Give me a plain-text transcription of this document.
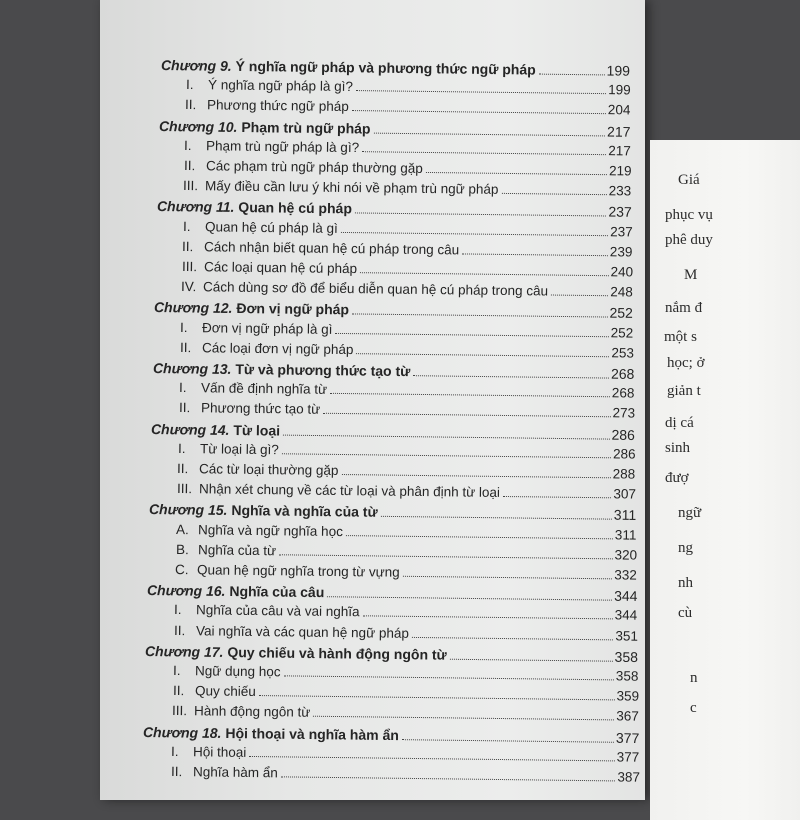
Giá
phục vụ
phê duy
M
nắm đ
một s
học; ở
giản t
dị cá
sinh
đượ
ngữ
ng
nh
cù
n
c
Chương 9. Ý nghĩa ngữ pháp và phương thức ngữ pháp	199
I. Ý nghĩa ngữ pháp là gì?	199
II. Phương thức ngữ pháp	204
Chương 10. Phạm trù ngữ pháp	217
I. Phạm trù ngữ pháp là gì?	217
II. Các phạm trù ngữ pháp thường gặp	219
III. Mấy điều cần lưu ý khi nói về phạm trù ngữ pháp	233
Chương 11. Quan hệ cú pháp	237
I. Quan hệ cú pháp là gì	237
II. Cách nhận biết quan hệ cú pháp trong câu	239
III. Các loại quan hệ cú pháp	240
IV. Cách dùng sơ đồ để biểu diễn quan hệ cú pháp trong câu	248
Chương 12. Đơn vị ngữ pháp	252
I. Đơn vị ngữ pháp là gì	252
II. Các loại đơn vị ngữ pháp	253
Chương 13. Từ và phương thức tạo từ	268
I. Vấn đề định nghĩa từ	268
II. Phương thức tạo từ	273
Chương 14. Từ loại	286
I. Từ loại là gì?	286
II. Các từ loại thường gặp	288
III. Nhận xét chung về các từ loại và phân định từ loại	307
Chương 15. Nghĩa và nghĩa của từ	311
A. Nghĩa và ngữ nghĩa học	311
B. Nghĩa của từ	320
C. Quan hệ ngữ nghĩa trong từ vựng	332
Chương 16. Nghĩa của câu	344
I. Nghĩa của câu và vai nghĩa	344
II. Vai nghĩa và các quan hệ ngữ pháp	351
Chương 17. Quy chiếu và hành động ngôn từ	358
I. Ngữ dụng học	358
II. Quy chiếu	359
III. Hành động ngôn từ	367
Chương 18. Hội thoại và nghĩa hàm ẩn	377
I. Hội thoại	377
II. Nghĩa hàm ẩn	387
